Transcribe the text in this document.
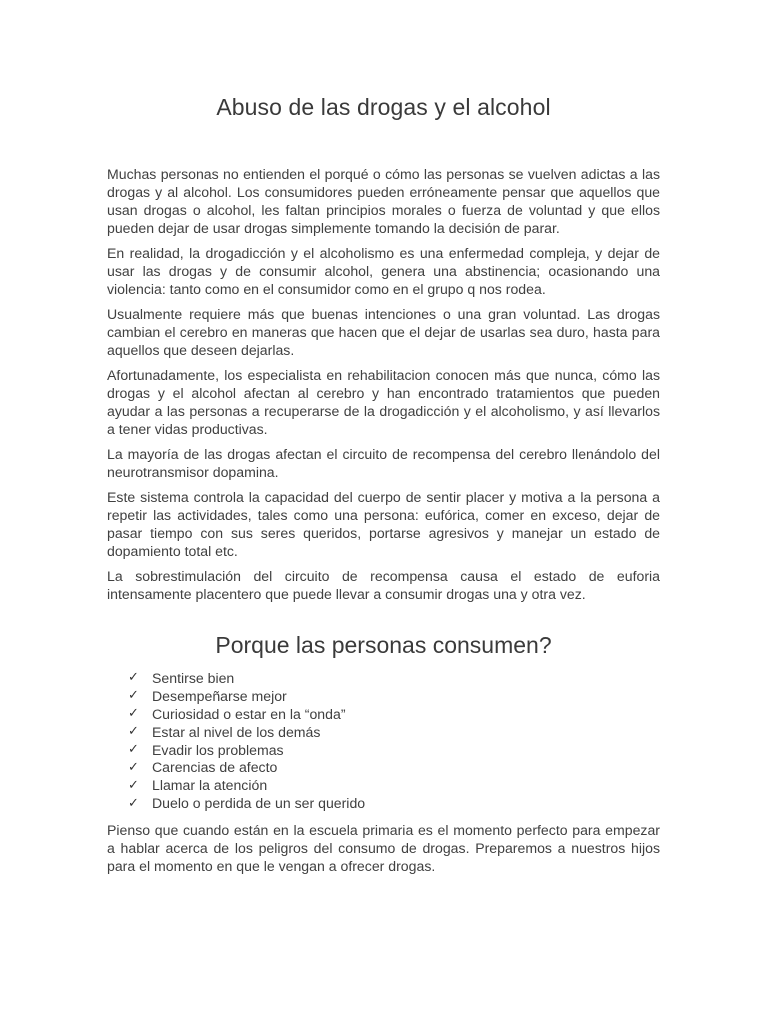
Abuso de las drogas y el alcohol

Muchas personas no entienden el porqué o cómo las personas se vuelven adictas a las drogas y al alcohol. Los consumidores pueden erróneamente pensar que aquellos que usan drogas o alcohol, les faltan principios morales o fuerza de voluntad y que ellos pueden dejar de usar drogas simplemente tomando la decisión de parar.

En realidad, la drogadicción y el alcoholismo es una enfermedad compleja, y dejar de usar las drogas y de consumir alcohol, genera una abstinencia; ocasionando una violencia: tanto como en el consumidor como en el grupo q nos rodea.

Usualmente requiere más que buenas intenciones o una gran voluntad. Las drogas cambian el cerebro en maneras que hacen que el dejar de usarlas sea duro, hasta para aquellos que deseen dejarlas.

Afortunadamente, los especialista en rehabilitacion conocen más que nunca, cómo las drogas y el alcohol afectan al cerebro y han encontrado tratamientos que pueden ayudar a las personas a recuperarse de la drogadicción y el alcoholismo, y así llevarlos a tener vidas productivas.

La mayoría de las drogas afectan el circuito de recompensa del cerebro llenándolo del neurotransmisor dopamina.

Este sistema controla la capacidad del cuerpo de sentir placer y motiva a la persona a repetir las actividades, tales como una persona: eufórica, comer en exceso, dejar de pasar tiempo con sus seres queridos, portarse agresivos y manejar un estado de dopamiento total etc.

La sobrestimulación del circuito de recompensa causa el estado de euforia intensamente placentero que puede llevar a consumir drogas una y otra vez.

Porque las personas consumen?
✓ Sentirse bien
✓ Desempeñarse mejor
✓ Curiosidad o estar en la “onda”
✓ Estar al nivel de los demás
✓ Evadir los problemas
✓ Carencias de afecto
✓ Llamar la atención
✓ Duelo o perdida de un ser querido

Pienso que cuando están en la escuela primaria es el momento perfecto para empezar a hablar acerca de los peligros del consumo de drogas. Preparemos a nuestros hijos para el momento en que le vengan a ofrecer drogas.
